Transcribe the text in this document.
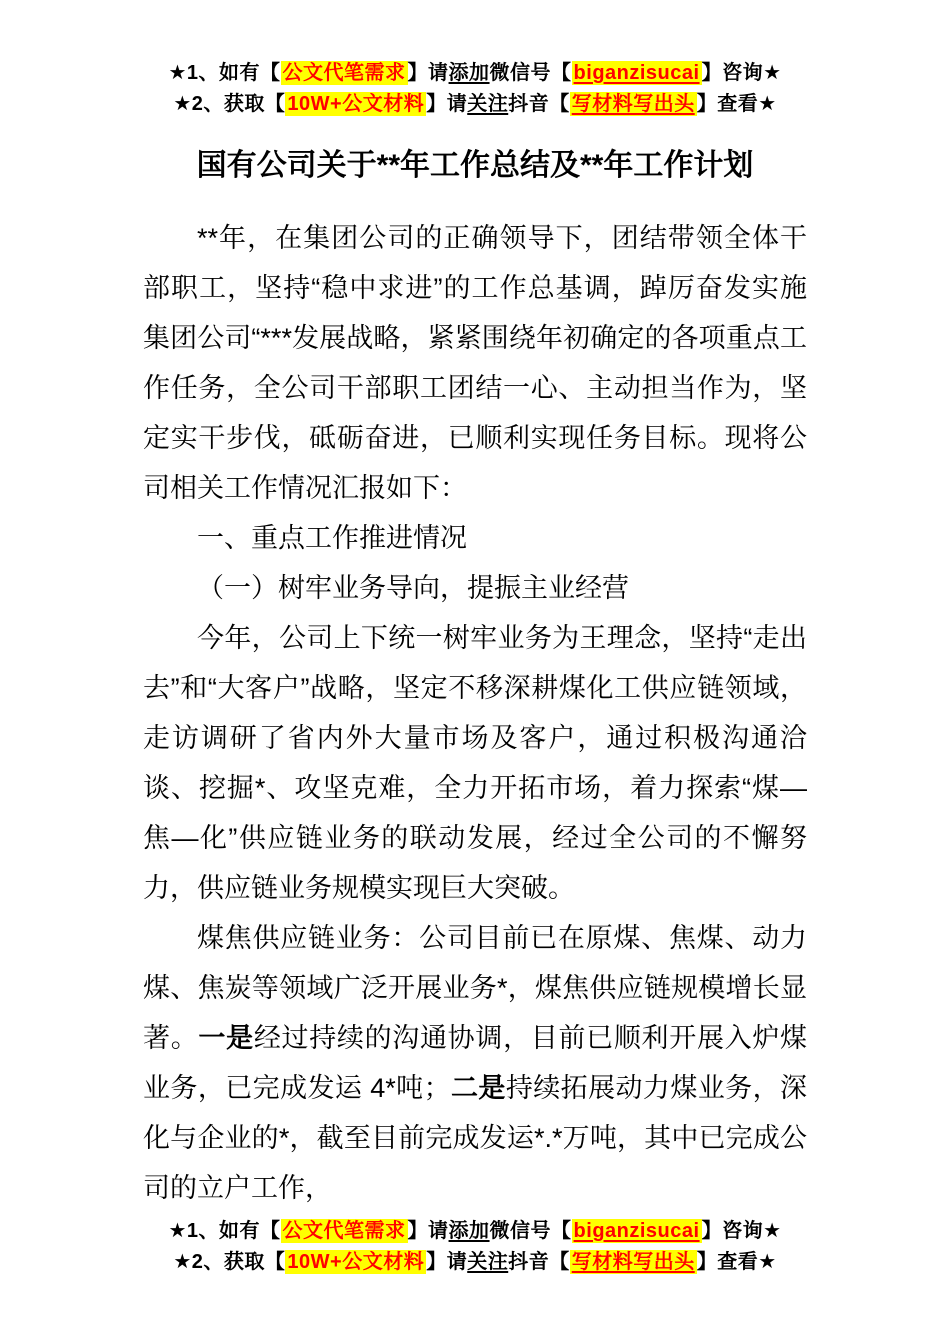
★1、如有【 公文代笔需求 】请添加微信号【 biganzisucai 】咨询★
★2、获取【 10W+公文材料 】请关注抖音【 写材料写出头 】查看★
国有公司关于**年工作总结及**年工作计划

**年，在集团公司的正确领导下，团结带领全体干部职工，坚持“稳中求进”的工作总基调，踔厉奋发实施集团公司“***发展战略，紧紧围绕年初确定的各项重点工作任务，全公司干部职工团结一心、主动担当作为，坚定实干步伐，砥砺奋进，已顺利实现任务目标。现将公司相关工作情况汇报如下：

一、重点工作推进情况

（一）树牢业务导向，提振主业经营

今年，公司上下统一树牢业务为王理念，坚持“走出去”和“大客户”战略，坚定不移深耕煤化工供应链领域，走访调研了省内外大量市场及客户，通过积极沟通洽谈、挖掘*、攻坚克难，全力开拓市场，着力探索“煤—焦—化”供应链业务的联动发展，经过全公司的不懈努力，供应链业务规模实现巨大突破。

煤焦供应链业务：公司目前已在原煤、焦煤、动力煤、焦炭等领域广泛开展业务*，煤焦供应链规模增长显著。一是经过持续的沟通协调，目前已顺利开展入炉煤业务，已完成发运 4*吨；二是持续拓展动力煤业务，深化与企业的*，截至目前完成发运*.*万吨，其中已完成公司的立户工作，

★1、如有【 公文代笔需求 】请添加微信号【 biganzisucai 】咨询★
★2、获取【 10W+公文材料 】请关注抖音【 写材料写出头 】查看★
